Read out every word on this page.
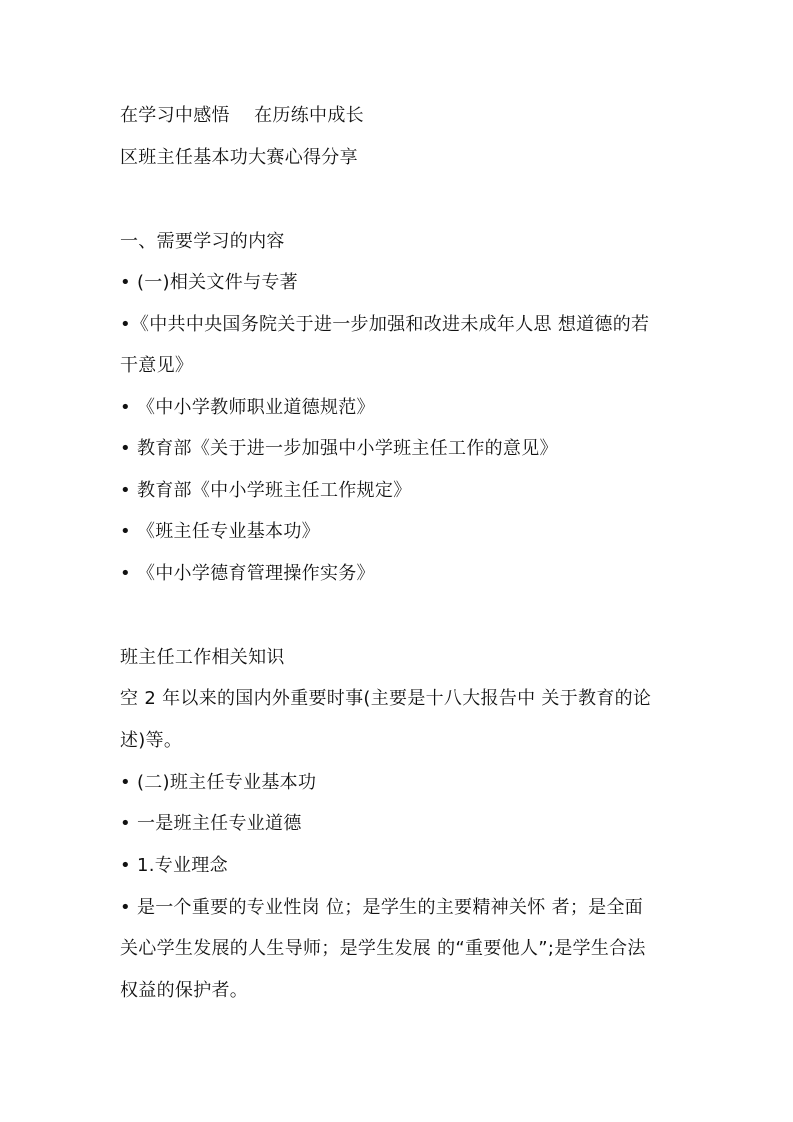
在学习中感悟　 在历练中成长
区班主任基本功大赛心得分享
一、需要学习的内容
• (一)相关文件与专著
•《中共中央国务院关于进一步加强和改进未成年人思 想道德的若
干意见》
• 《中小学教师职业道德规范》
• 教育部《关于进一步加强中小学班主任工作的意见》
• 教育部《中小学班主任工作规定》
• 《班主任专业基本功》
• 《中小学德育管理操作实务》
班主任工作相关知识
空 2 年以来的国内外重要时事(主要是十八大报告中 关于教育的论
述)等。
• (二)班主任专业基本功
• 一是班主任专业道德
• 1.专业理念
• 是一个重要的专业性岗 位；是学生的主要精神关怀 者；是全面
关心学生发展的人生导师；是学生发展 的“重要他人”;是学生合法
权益的保护者。
